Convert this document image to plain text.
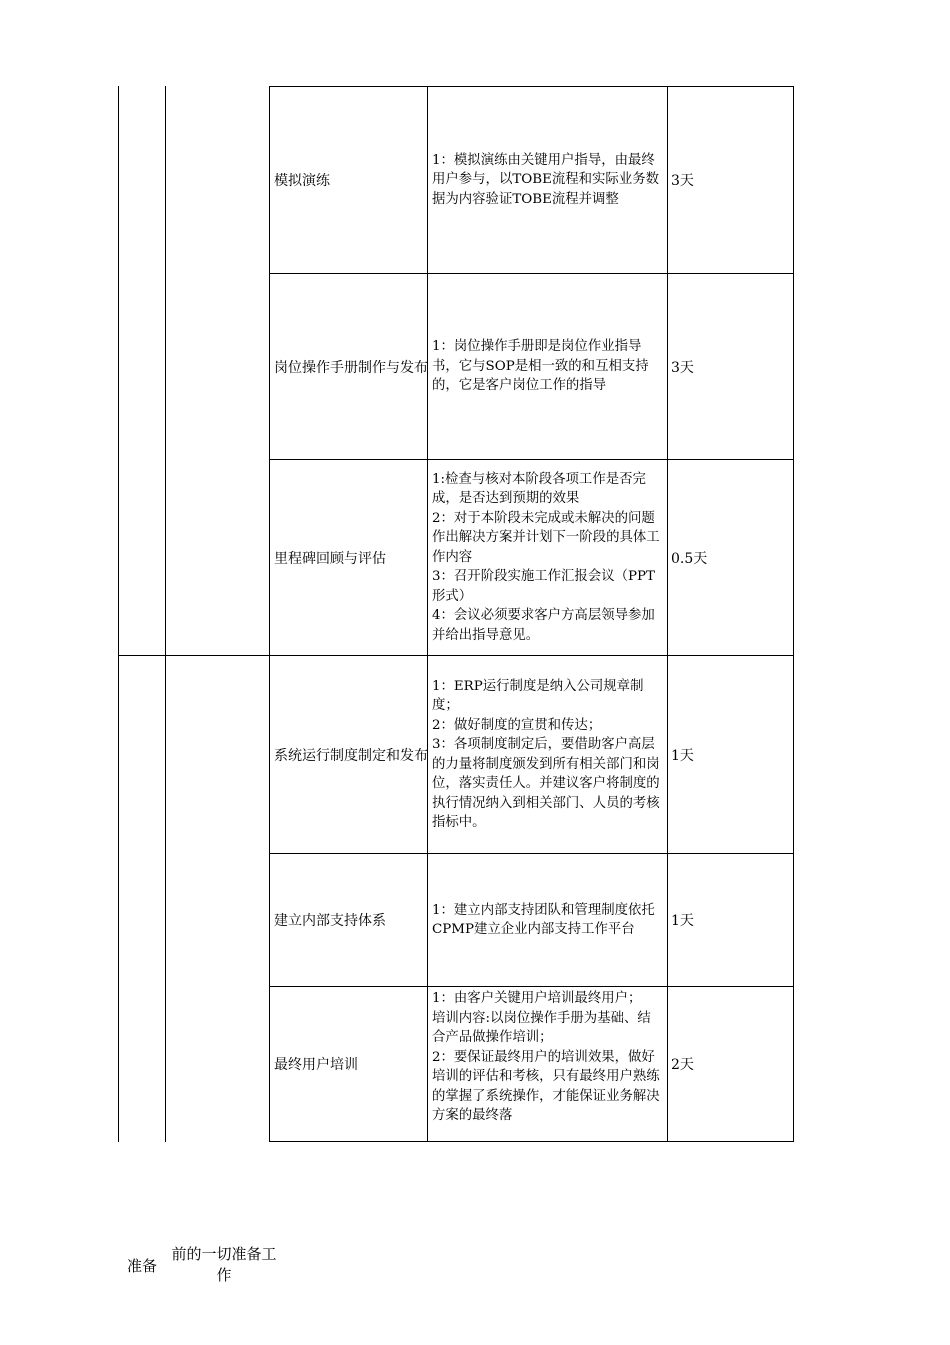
模拟演练
1：模拟演练由关键用户指导，由最终用户参与，以TOBE流程和实际业务数据为内容验证TOBE流程并调整
3天
岗位操作手册制作与发布
1：岗位操作手册即是岗位作业指导书，它与SOP是相一致的和互相支持的，它是客户岗位工作的指导
3天
里程碑回顾与评估
1:检查与核对本阶段各项工作是否完成，是否达到预期的效果
2：对于本阶段未完成或未解决的问题作出解决方案并计划下一阶段的具体工作内容
3：召开阶段实施工作汇报会议（PPT形式）
4：会议必须要求客户方高层领导参加并给出指导意见。
0.5天
系统运行制度制定和发布
1：ERP运行制度是纳入公司规章制度；
2：做好制度的宣贯和传达；
3：各项制度制定后，要借助客户高层的力量将制度颁发到所有相关部门和岗位，落实责任人。并建议客户将制度的执行情况纳入到相关部门、人员的考核指标中。
1天
建立内部支持体系
1：建立内部支持团队和管理制度依托CPMP建立企业内部支持工作平台
1天
最终用户培训
1：由客户关键用户培训最终用户；
培训内容:以岗位操作手册为基础、结合产品做操作培训；
2：要保证最终用户的培训效果，做好培训的评估和考核，只有最终用户熟练的掌握了系统操作，才能保证业务解决方案的最终落
2天
准备
前的一切准备工作
